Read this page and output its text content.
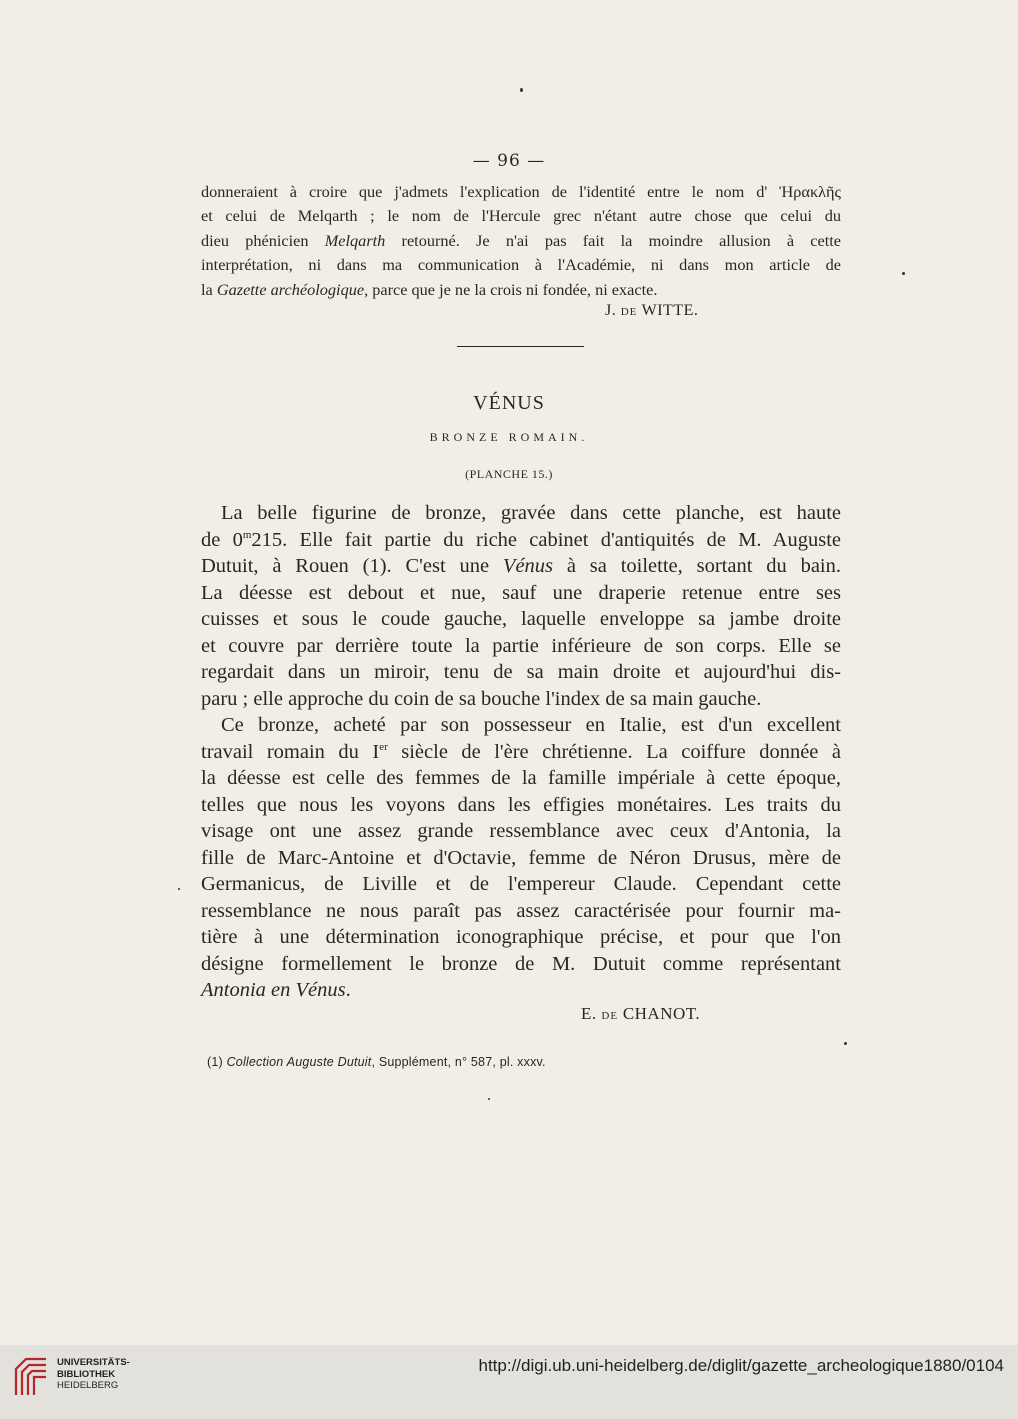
— 96 —
donneraient à croire que j'admets l'explication de l'identité entre le nom d' Ἡρακλῆς
et celui de Melqarth ; le nom de l'Hercule grec n'étant autre chose que celui du
dieu phénicien Melqarth retourné. Je n'ai pas fait la moindre allusion à cette
interprétation, ni dans ma communication à l'Académie, ni dans mon article de
la Gazette archéologique, parce que je ne la crois ni fondée, ni exacte.
J. DE WITTE.
VÉNUS
BRONZE ROMAIN.
(PLANCHE 15.)
La belle figurine de bronze, gravée dans cette planche, est haute
de 0$^m$215. Elle fait partie du riche cabinet d'antiquités de M. Auguste
Dutuit, à Rouen (1). C'est une Vénus à sa toilette, sortant du bain.
La déesse est debout et nue, sauf une draperie retenue entre ses
cuisses et sous le coude gauche, laquelle enveloppe sa jambe droite
et couvre par derrière toute la partie inférieure de son corps. Elle se
regardait dans un miroir, tenu de sa main droite et aujourd'hui dis-
paru ; elle approche du coin de sa bouche l'index de sa main gauche.
Ce bronze, acheté par son possesseur en Italie, est d'un excellent
travail romain du Ier siècle de l'ère chrétienne. La coiffure donnée à
la déesse est celle des femmes de la famille impériale à cette époque,
telles que nous les voyons dans les effigies monétaires. Les traits du
visage ont une assez grande ressemblance avec ceux d'Antonia, la
fille de Marc-Antoine et d'Octavie, femme de Néron Drusus, mère de
Germanicus, de Liville et de l'empereur Claude. Cependant cette
ressemblance ne nous paraît pas assez caractérisée pour fournir ma-
tière à une détermination iconographique précise, et pour que l'on
désigne formellement le bronze de M. Dutuit comme représentant
Antonia en Vénus.
E. DE CHANOT.
(1) Collection Auguste Dutuit, Supplément, n° 587, pl. xxxv.
UNIVERSITÄTS-
BIBLIOTHEK
HEIDELBERG
http://digi.ub.uni-heidelberg.de/diglit/gazette_archeologique1880/0104
